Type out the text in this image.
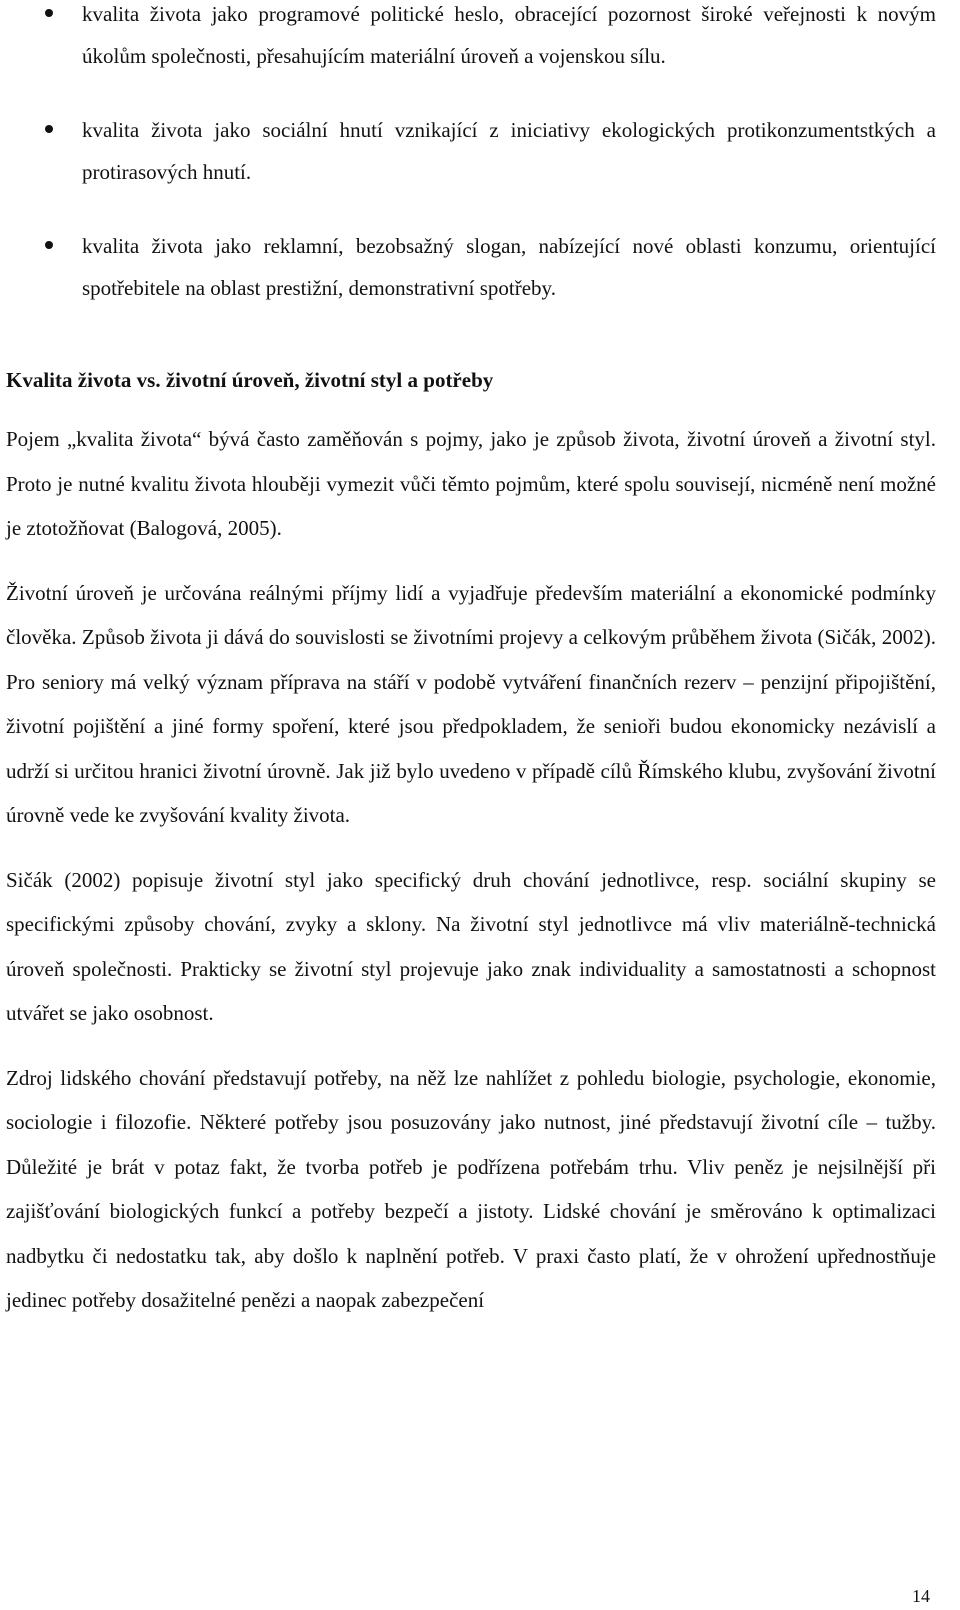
kvalita života jako programové politické heslo, obracející pozornost široké veřejnosti k novým úkolům společnosti, přesahujícím materiální úroveň a vojenskou sílu.
kvalita života jako sociální hnutí vznikající z iniciativy ekologických protikonzumentstkých a protirasových hnutí.
kvalita života jako reklamní, bezobsažný slogan, nabízející nové oblasti konzumu, orientující spotřebitele na oblast prestižní, demonstrativní spotřeby.
Kvalita života vs. životní úroveň, životní styl a potřeby

Pojem „kvalita života“ bývá často zaměňován s pojmy, jako je způsob života, životní úroveň a životní styl. Proto je nutné kvalitu života hlouběji vymezit vůči těmto pojmům, které spolu souvisejí, nicméně není možné je ztotožňovat (Balogová, 2005).

Životní úroveň je určována reálnými příjmy lidí a vyjadřuje především materiální a ekonomické podmínky člověka. Způsob života ji dává do souvislosti se životními projevy a celkovým průběhem života (Sičák, 2002). Pro seniory má velký význam příprava na stáří v podobě vytváření finančních rezerv – penzijní připojištění, životní pojištění a jiné formy spoření, které jsou předpokladem, že senioři budou ekonomicky nezávislí a udrží si určitou hranici životní úrovně. Jak již bylo uvedeno v případě cílů Římského klubu, zvyšování životní úrovně vede ke zvyšování kvality života.

Sičák (2002) popisuje životní styl jako specifický druh chování jednotlivce, resp. sociální skupiny se specifickými způsoby chování, zvyky a sklony. Na životní styl jednotlivce má vliv materiálně-technická úroveň společnosti. Prakticky se životní styl projevuje jako znak individuality a samostatnosti a schopnost utvářet se jako osobnost.

Zdroj lidského chování představují potřeby, na něž lze nahlížet z pohledu biologie, psychologie, ekonomie, sociologie i filozofie. Některé potřeby jsou posuzovány jako nutnost, jiné představují životní cíle – tužby. Důležité je brát v potaz fakt, že tvorba potřeb je podřízena potřebám trhu. Vliv peněz je nejsilnější při zajišťování biologických funkcí a potřeby bezpečí a jistoty. Lidské chování je směrováno k optimalizaci nadbytku či nedostatku tak, aby došlo k naplnění potřeb. V praxi často platí, že v ohrožení upřednostňuje jedinec potřeby dosažitelné penězi a naopak zabezpečení

14
